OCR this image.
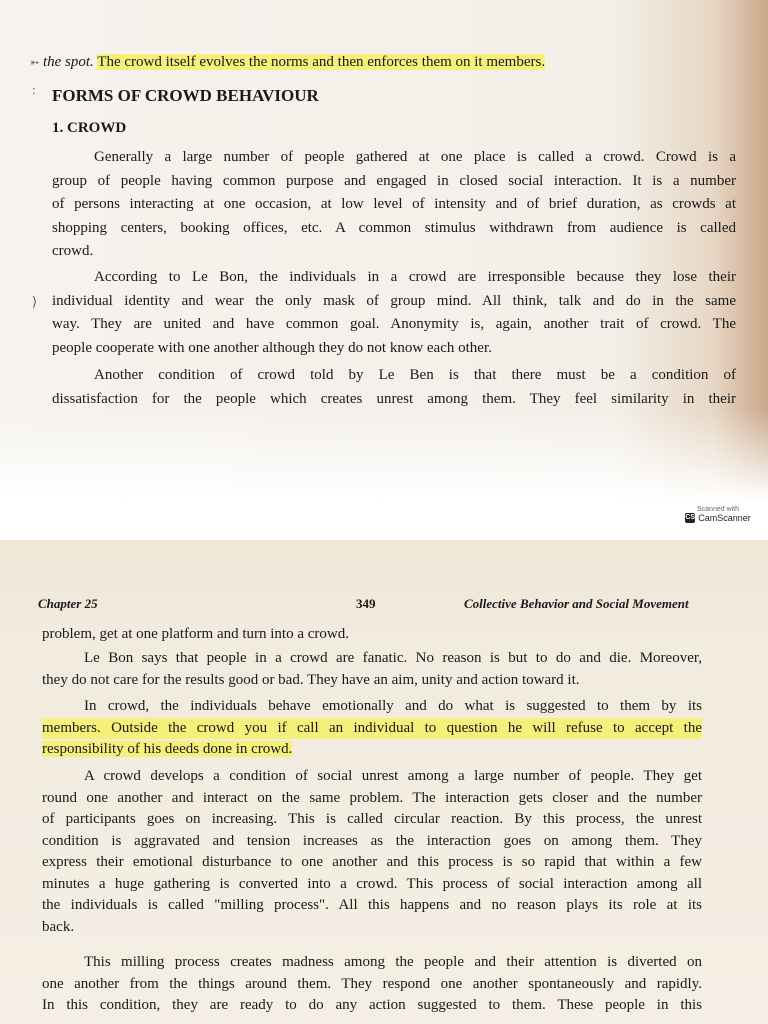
➳ the spot. The crowd itself evolves the norms and then enforces them on it members.
: FORMS OF CROWD BEHAVIOUR
1. CROWD
Generally a large number of people gathered at one place is called a crowd. Crowd is a
group of people having common purpose and engaged in closed social interaction. It is a number
of persons interacting at one occasion, at low level of intensity and of brief duration, as crowds at
shopping centers, booking offices, etc. A common stimulus withdrawn from audience is called
crowd.
According to Le Bon, the individuals in a crowd are irresponsible because they lose their
individual identity and wear the only mask of group mind. All think, talk and do in the same
way. They are united and have common goal. Anonymity is, again, another trait of crowd. The
people cooperate with one another although they do not know each other.
Another condition of crowd told by Le Ben is that there must be a condition of
dissatisfaction for the people which creates unrest among them. They feel similarity in their
⟩
Scanned with
CS CamScanner
Chapter 25	349	Collective Behavior and Social Movement
problem, get at one platform and turn into a crowd.
Le Bon says that people in a crowd are fanatic. No reason is but to do and die. Moreover,
they do not care for the results good or bad. They have an aim, unity and action toward it.
In crowd, the individuals behave emotionally and do what is suggested to them by its
members. Outside the crowd you if call an individual to question he will refuse to accept the
responsibility of his deeds done in crowd.
A crowd develops a condition of social unrest among a large number of people. They get
round one another and interact on the same problem. The interaction gets closer and the number
of participants goes on increasing. This is called circular reaction. By this process, the unrest
condition is aggravated and tension increases as the interaction goes on among them. They
express their emotional disturbance to one another and this process is so rapid that within a few
minutes a huge gathering is converted into a crowd. This process of social interaction among all
the individuals is called "milling process". All this happens and no reason plays its role at its
back.
This milling process creates madness among the people and their attention is diverted on
one another from the things around them. They respond one another spontaneously and rapidly.
In this condition, they are ready to do any action suggested to them. These people in this
